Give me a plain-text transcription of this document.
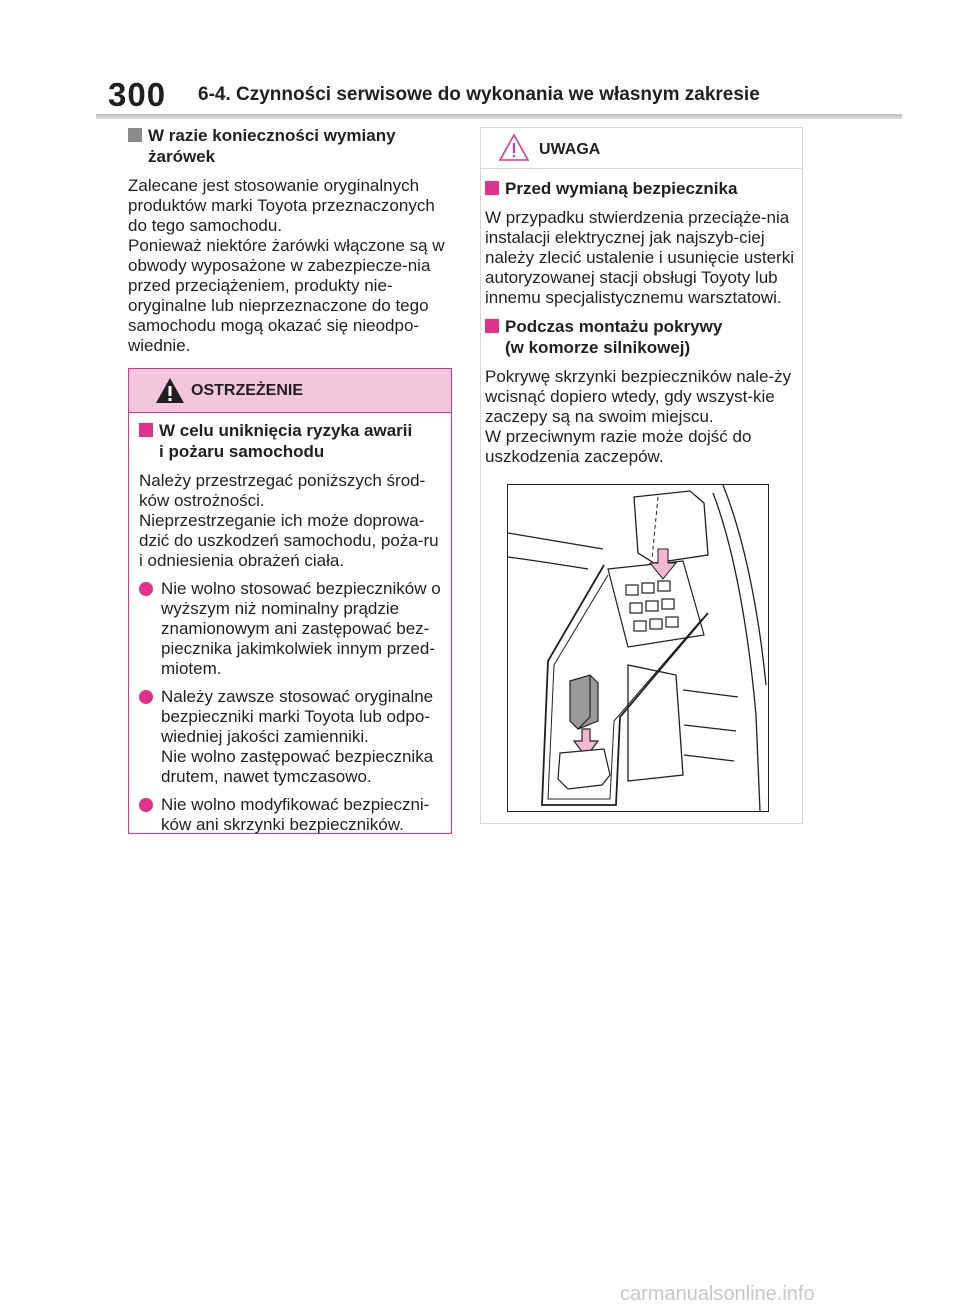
300 6-4. Czynności serwisowe do wykonania we własnym zakresie
W razie konieczności wymiany
żarówek

Zalecane jest stosowanie oryginalnych produktów marki Toyota przeznaczonych do tego samochodu.

Ponieważ niektóre żarówki włączone są w obwody wyposażone w zabezpiecze-nia przed przeciążeniem, produkty nie-oryginalne lub nieprzeznaczone do tego samochodu mogą okazać się nieodpo-wiednie.

OSTRZEŻENIE
W celu uniknięcia ryzyka awarii
i pożaru samochodu

Należy przestrzegać poniższych środ-ków ostrożności.

Nieprzestrzeganie ich może doprowa-dzić do uszkodzeń samochodu, poża-ru i odniesienia obrażeń ciała.

Nie wolno stosować bezpieczników o wyższym niż nominalny prądzie znamionowym ani zastępować bez-piecznika jakimkolwiek innym przed-miotem.
Należy zawsze stosować oryginalne bezpieczniki marki Toyota lub odpo-wiedniej jakości zamienniki.
Nie wolno zastępować bezpiecznika drutem, nawet tymczasowo.
Nie wolno modyfikować bezpieczni-ków ani skrzynki bezpieczników.
UWAGA
Przed wymianą bezpiecznika

W przypadku stwierdzenia przeciąże-nia instalacji elektrycznej jak najszyb-ciej należy zlecić ustalenie i usunięcie usterki autoryzowanej stacji obsługi Toyoty lub innemu specjalistycznemu warsztatowi.

Podczas montażu pokrywy
(w komorze silnikowej)

Pokrywę skrzynki bezpieczników nale-ży wcisnąć dopiero wtedy, gdy wszyst-kie zaczepy są na swoim miejscu.

W przeciwnym razie może dojść do uszkodzenia zaczepów.

carmanualsonline.info
